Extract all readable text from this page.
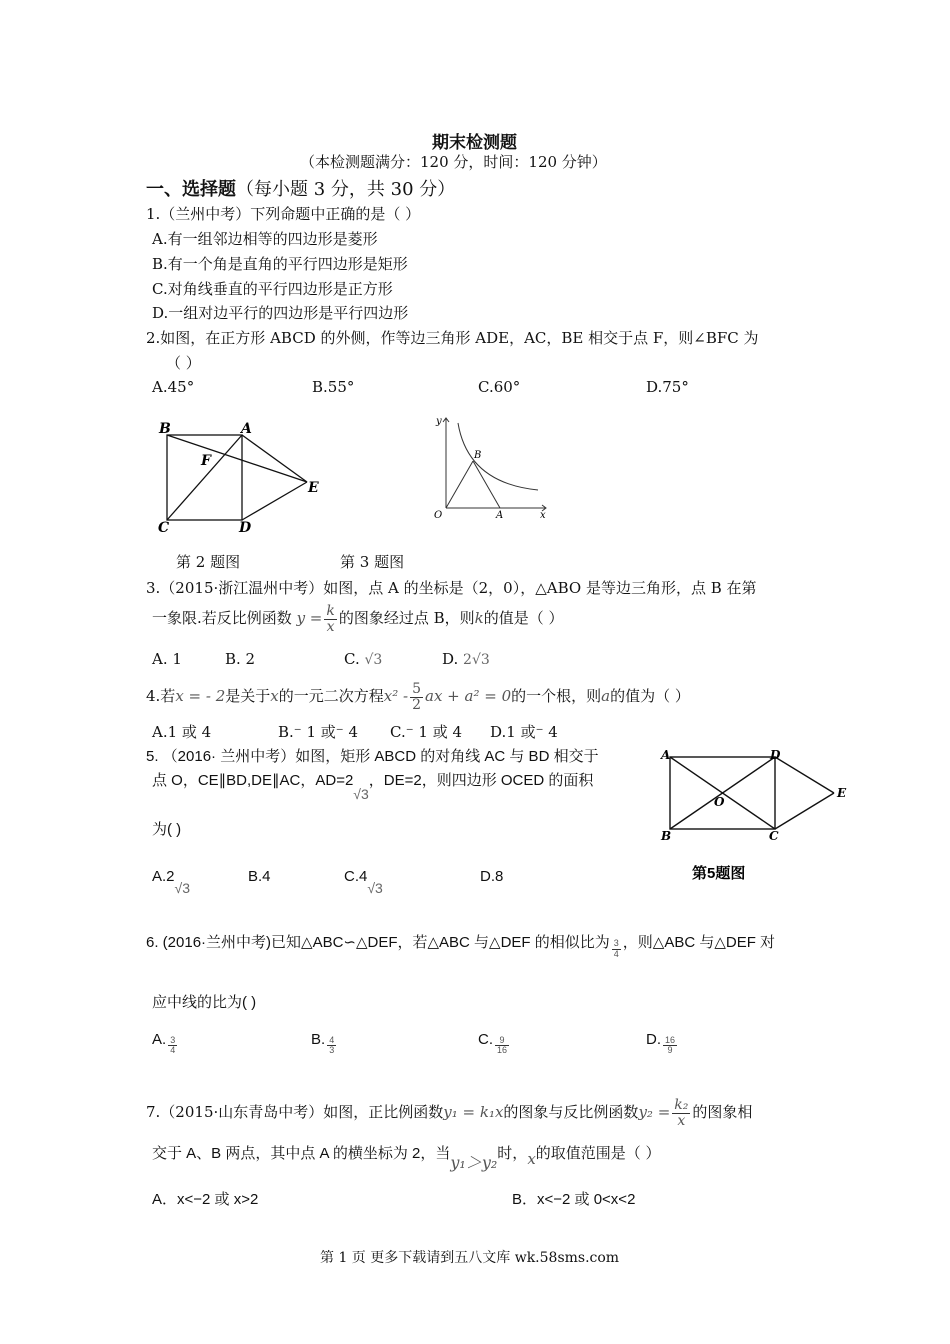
期末检测题
（本检测题满分：120 分，时间：120 分钟）
一、选择题（每小题 3 分，共 30 分）
1.（兰州中考）下列命题中正确的是（ ）
A.有一组邻边相等的四边形是菱形
B.有一个角是直角的平行四边形是矩形
C.对角线垂直的平行四边形是正方形
D.一组对边平行的四边形是平行四边形
2.如图，在正方形 ABCD 的外侧，作等边三角形 ADE，AC，BE 相交于点 F，则∠BFC 为
（ ）
A.45°	B.55°	C.60°	D.75°
B	A
F
E
C	D
y
B
O	A	x
第 2 题图	第 3 题图
3.（2015·浙江温州中考）如图，点 A 的坐标是（2，0），△ABO 是等边三角形，点 B 在第
一象限.若反比例函数 $y = \frac{k}{x}$ 的图象经过点 B，则k的值是（ ）
A. 1	B. 2	C. √3	D. 2√3
4.若x = - 2是关于x的一元二次方程$x^2 - \frac{5}{2}$ ax + a² = 0的一个根，则a的值为（ ）
A.1 或 4	B.⁻ 1 或⁻ 4 C.⁻ 1 或 4 D.1 或⁻ 4
5. （2016· 兰州中考）如图，矩形 ABCD 的对角线 AC 与 BD 相交于
点 O，CE∥BD,DE∥AC，AD=2√3，DE=2，则四边形 OCED 的面积
为( )
A.2√3
B.4	C.4√3
D.8
A	D
E
O
B	C
第5题图
6. (2016·兰州中考)已知△ABC∽△DEF，若△ABC 与△DEF 的相似比为 $\frac{3}{4}$ ，则△ABC 与△DEF 对
应中线的比为( )
A. $\frac{3}{4}$	B. $\frac{4}{3}$	C. $\frac{9}{16}$	D. $\frac{16}{9}$
7.（2015·山东青岛中考）如图，正比例函数y₁ = k₁x的图象与反比例函数$y_2 = \frac{\text{k₂}}{x}$ 的图象相
交于 A、B 两点，其中点 A 的横坐标为 2，当y₁＞y₂时，x的取值范围是（ ）
A．x<−2 或 x>2	B．x<−2 或 0<x<2
第 1 页 更多下载请到五八文库 wk.58sms.com
